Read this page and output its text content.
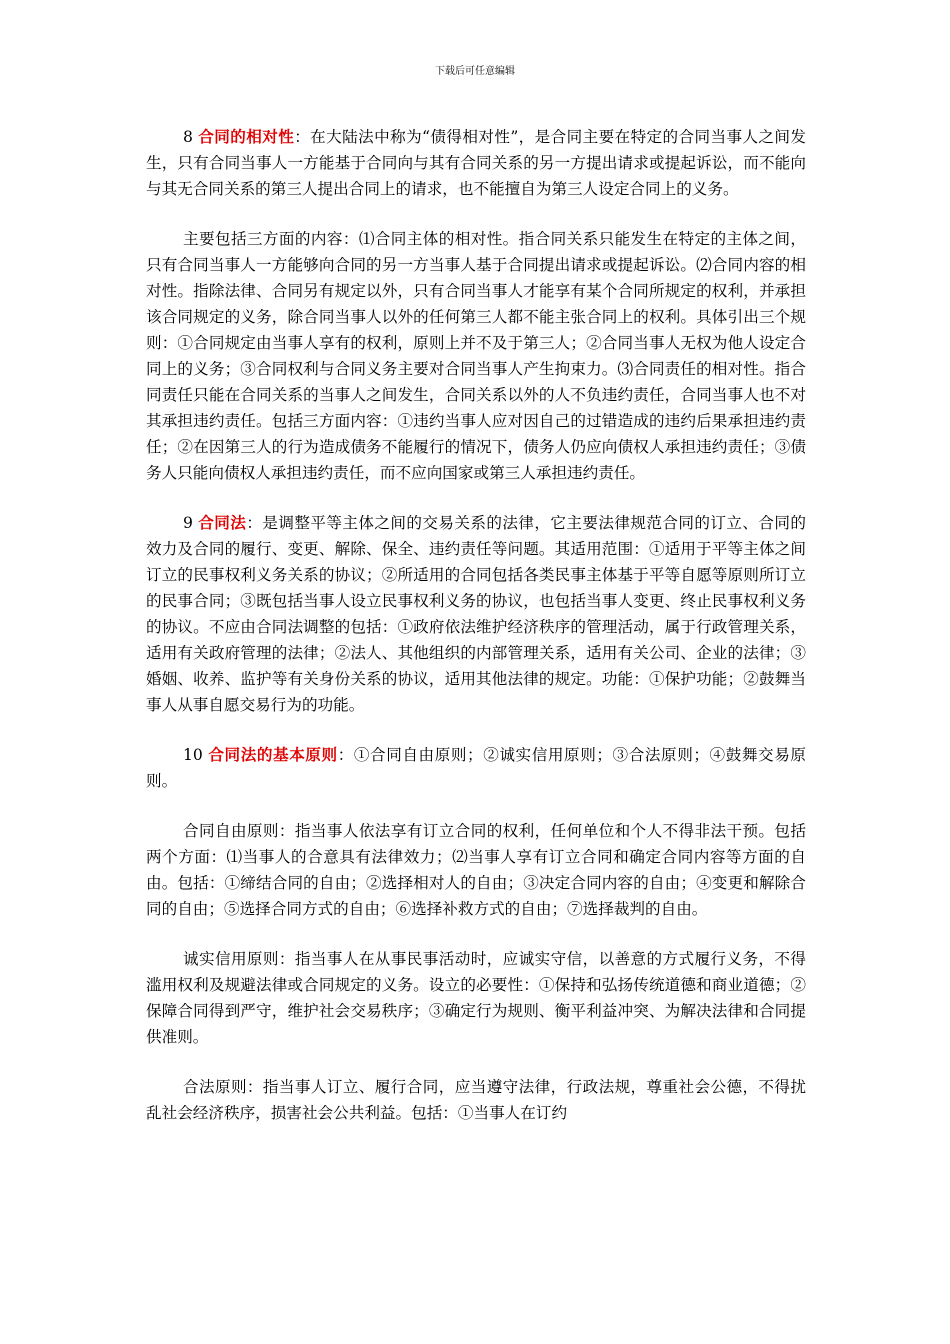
下载后可任意编辑

8 合同的相对性：在大陆法中称为“债得相对性”，是合同主要在特定的合同当事人之间发生，只有合同当事人一方能基于合同向与其有合同关系的另一方提出请求或提起诉讼，而不能向与其无合同关系的第三人提出合同上的请求，也不能擅自为第三人设定合同上的义务。

主要包括三方面的内容：⑴合同主体的相对性。指合同关系只能发生在特定的主体之间，只有合同当事人一方能够向合同的另一方当事人基于合同提出请求或提起诉讼。⑵合同内容的相对性。指除法律、合同另有规定以外，只有合同当事人才能享有某个合同所规定的权利，并承担该合同规定的义务，除合同当事人以外的任何第三人都不能主张合同上的权利。具体引出三个规则：①合同规定由当事人享有的权利，原则上并不及于第三人；②合同当事人无权为他人设定合同上的义务；③合同权利与合同义务主要对合同当事人产生拘束力。⑶合同责任的相对性。指合同责任只能在合同关系的当事人之间发生，合同关系以外的人不负违约责任，合同当事人也不对其承担违约责任。包括三方面内容：①违约当事人应对因自己的过错造成的违约后果承担违约责任；②在因第三人的行为造成债务不能履行的情况下，债务人仍应向债权人承担违约责任；③债务人只能向债权人承担违约责任，而不应向国家或第三人承担违约责任。

9 合同法：是调整平等主体之间的交易关系的法律，它主要法律规范合同的订立、合同的效力及合同的履行、变更、解除、保全、违约责任等问题。其适用范围：①适用于平等主体之间订立的民事权利义务关系的协议；②所适用的合同包括各类民事主体基于平等自愿等原则所订立的民事合同；③既包括当事人设立民事权利义务的协议，也包括当事人变更、终止民事权利义务的协议。不应由合同法调整的包括：①政府依法维护经济秩序的管理活动，属于行政管理关系，适用有关政府管理的法律；②法人、其他组织的内部管理关系，适用有关公司、企业的法律；③婚姻、收养、监护等有关身份关系的协议，适用其他法律的规定。功能：①保护功能；②鼓舞当事人从事自愿交易行为的功能。

10 合同法的基本原则：①合同自由原则；②诚实信用原则；③合法原则；④鼓舞交易原则。

合同自由原则：指当事人依法享有订立合同的权利，任何单位和个人不得非法干预。包括两个方面：⑴当事人的合意具有法律效力；⑵当事人享有订立合同和确定合同内容等方面的自由。包括：①缔结合同的自由；②选择相对人的自由；③决定合同内容的自由；④变更和解除合同的自由；⑤选择合同方式的自由；⑥选择补救方式的自由；⑦选择裁判的自由。

诚实信用原则：指当事人在从事民事活动时，应诚实守信，以善意的方式履行义务，不得滥用权利及规避法律或合同规定的义务。设立的必要性：①保持和弘扬传统道德和商业道德；②保障合同得到严守，维护社会交易秩序；③确定行为规则、衡平利益冲突、为解决法律和合同提供准则。

合法原则：指当事人订立、履行合同，应当遵守法律，行政法规，尊重社会公德，不得扰乱社会经济秩序，损害社会公共利益。包括：①当事人在订约
